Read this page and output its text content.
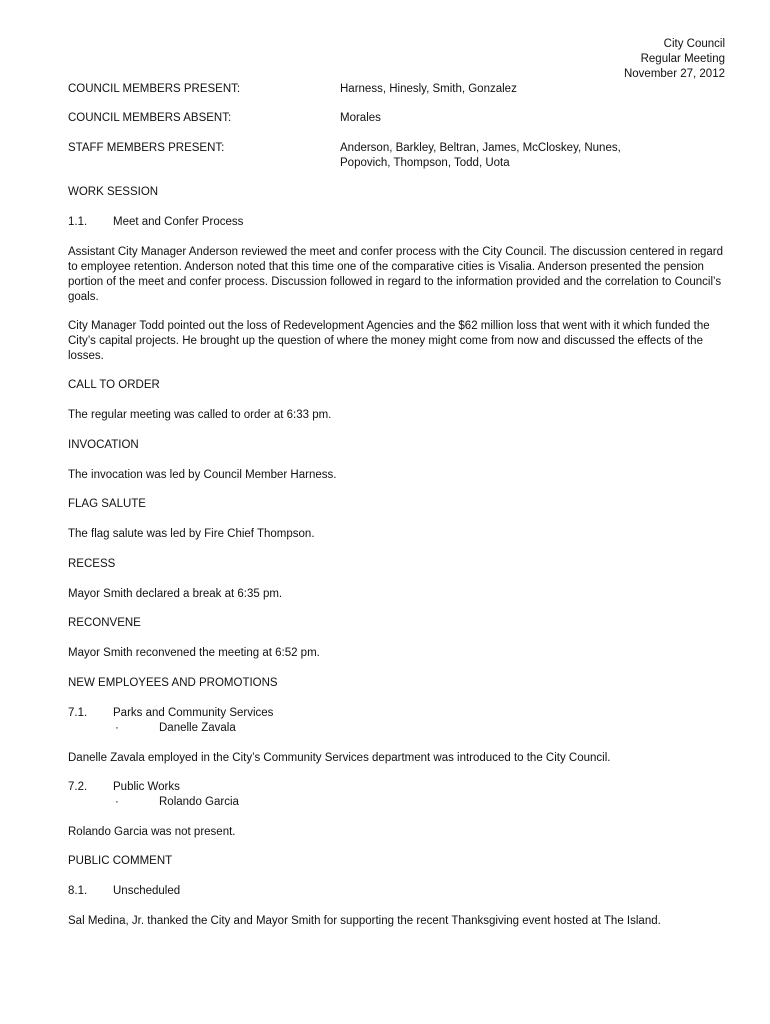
City Council
Regular Meeting
November 27, 2012
COUNCIL MEMBERS PRESENT:	Harness, Hinesly, Smith, Gonzalez
COUNCIL MEMBERS ABSENT:	Morales
STAFF MEMBERS PRESENT:	Anderson, Barkley, Beltran, James, McCloskey, Nunes,
Popovich, Thompson, Todd, Uota
WORK SESSION
1.1. Meet and Confer Process
Assistant City Manager Anderson reviewed the meet and confer process with the City Council. The discussion centered in regard to employee retention. Anderson noted that this time one of the comparative cities is Visalia. Anderson presented the pension portion of the meet and confer process. Discussion followed in regard to the information provided and the correlation to Council’s goals.
City Manager Todd pointed out the loss of Redevelopment Agencies and the $62 million loss that went with it which funded the City’s capital projects. He brought up the question of where the money might come from now and discussed the effects of the losses.
CALL TO ORDER
The regular meeting was called to order at 6:33 pm.
INVOCATION
The invocation was led by Council Member Harness.
FLAG SALUTE
The flag salute was led by Fire Chief Thompson.
RECESS
Mayor Smith declared a break at 6:35 pm.
RECONVENE
Mayor Smith reconvened the meeting at 6:52 pm.
NEW EMPLOYEES AND PROMOTIONS
7.1. Parks and Community Services
·	Danelle Zavala
Danelle Zavala employed in the City’s Community Services department was introduced to the City Council.
7.2. Public Works
·	Rolando Garcia
Rolando Garcia was not present.
PUBLIC COMMENT
8.1. Unscheduled
Sal Medina, Jr. thanked the City and Mayor Smith for supporting the recent Thanksgiving event hosted at The Island.
